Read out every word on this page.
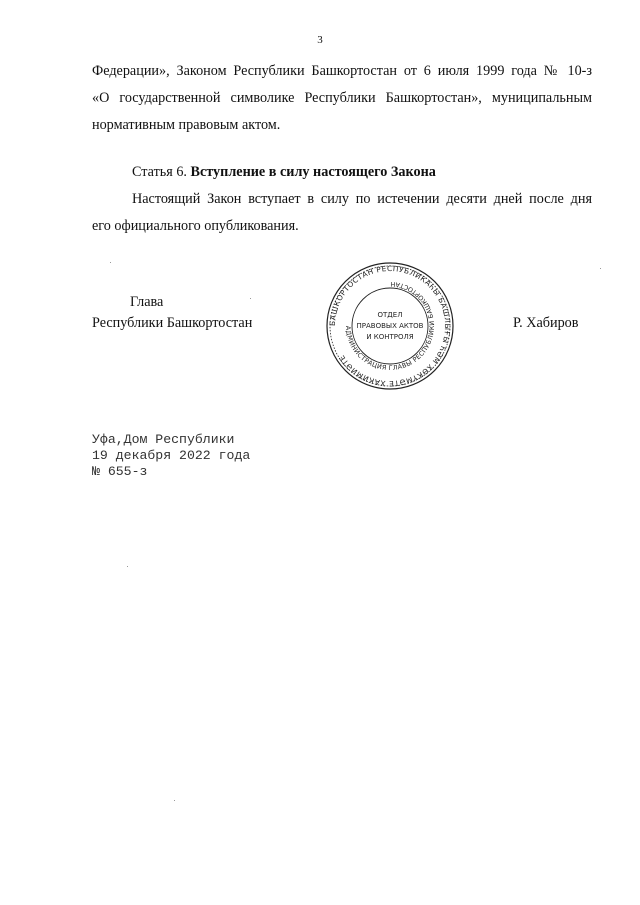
3
Федерации», Законом Республики Башкортостан от 6 июля 1999 года № 10-з
«О государственной символике Республики Башкортостан», муниципальным
нормативным правовым актом.
Статья 6. Вступление в силу настоящего Закона
Настоящий Закон вступает в силу по истечении десяти дней после дня
его официального опубликования.
Глава
Республики Башкортостан	БАШКОРТОСТАН РЕСПУБЛИКАҺЫ БАШЛЫҒЫ ҺӘМ ХӨКҮМӘТЕ ХАКИМИӘТЕ
АДМИНИСТРАЦИЯ ГЛАВЫ РЕСПУБЛИКИ БАШКОРТОСТАН
ОТДЕЛ
ПРАВОВЫХ АКТОВ
И КОНТРОЛЯ
Р. Хабиров
Уфа,Дом Республики
19 декабря 2022 года
№ 655-з
